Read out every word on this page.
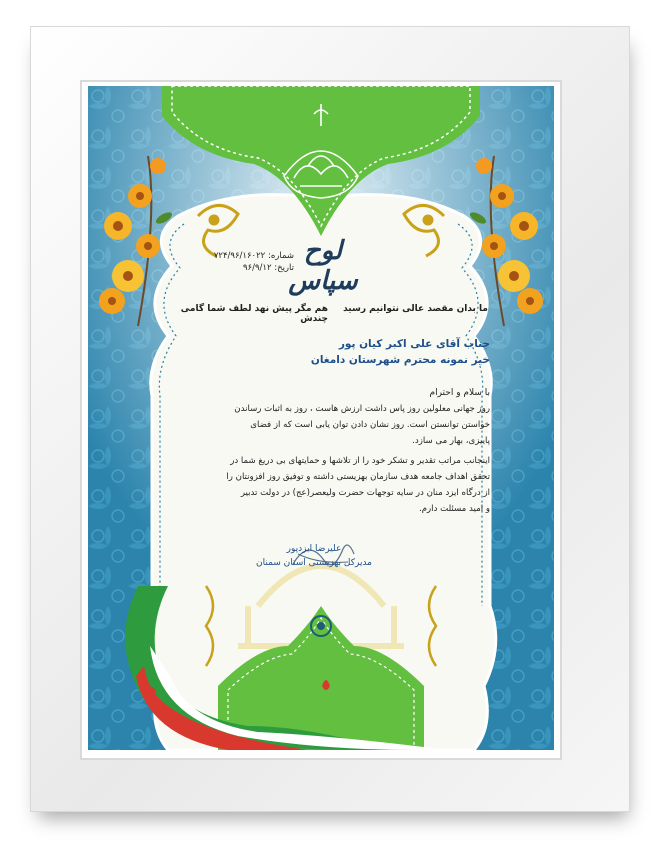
لوح سپاس
شماره: ۷۲۴/۹۶/۱۶۰۲۲
تاریخ: ۹۶/۹/۱۲
ما بدان مقصد عالی نتوانیم رسید
هم مگر پیش نهد لطف شما گامی چندش
جناب آقای علی اکبر کیان پور
خیر نمونه محترم شهرستان دامغان
با سلام و احترام
روز جهانی معلولین روز پاس داشت ارزش هاست ، روز به اثبات رساندن
خواستن توانستن است. روز نشان دادن توان یابی است که از فضای
پاییزی، بهار می سازد.
اینجانب مراتب تقدیر و تشکر خود را از تلاشها و حمایتهای بی دریغ شما در
تحقق اهداف جامعه هدف سازمان بهزیستی داشته و توفیق روز افزونتان را
از درگاه ایزد منان در سایه توجهات حضرت ولیعصر(عج) در دولت تدبیر
و امید مسئلت دارم.
علیرضا ایزدپور
مدیرکل بهزیستی استان سمنان
